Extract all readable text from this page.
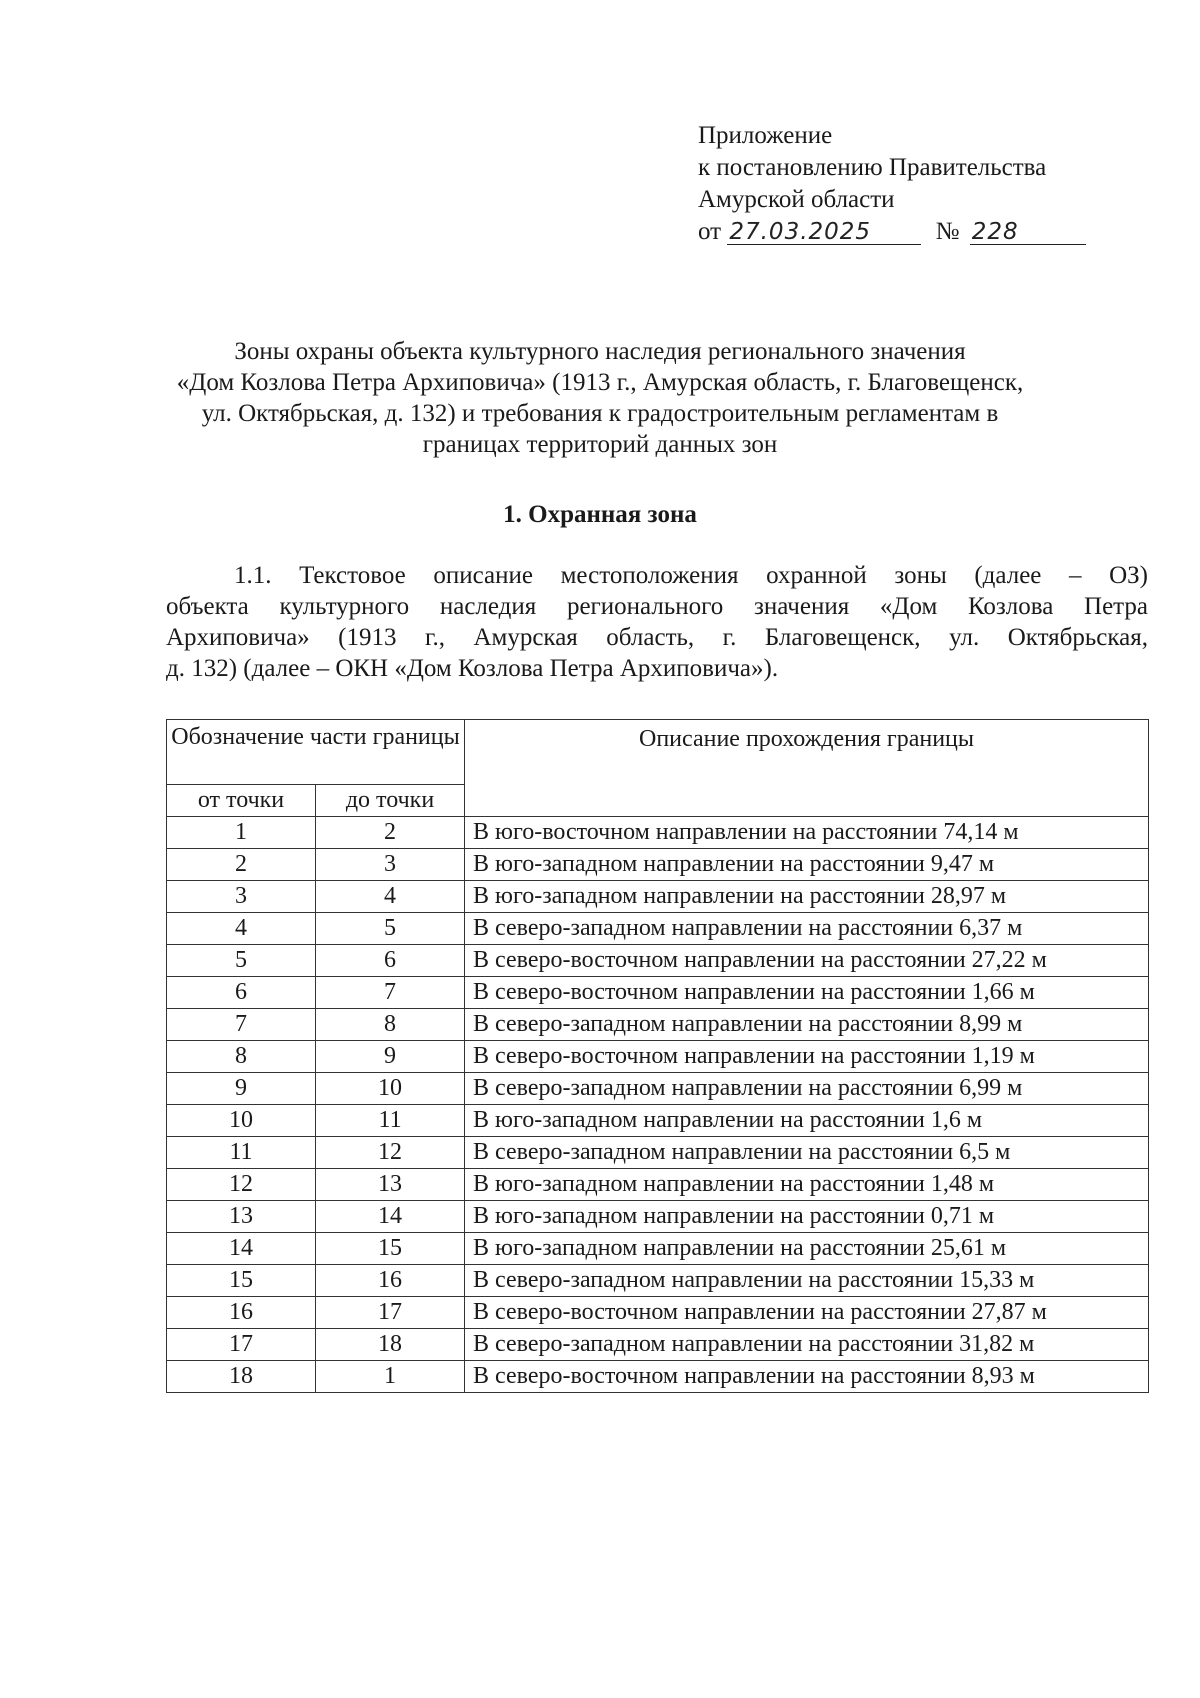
Приложение
к постановлению Правительства
Амурской области
от 27.03.2025	№ 228
Зоны охраны объекта культурного наследия регионального значения
«Дом Козлова Петра Архиповича» (1913 г., Амурская область, г. Благовещенск,
ул. Октябрьская, д. 132) и требования к градостроительным регламентам в
границах территорий данных зон
1. Охранная зона
1.1. Текстовое описание местоположения охранной зоны (далее – ОЗ)
объекта культурного наследия регионального значения «Дом Козлова Петра
Архиповича» (1913 г., Амурская область, г. Благовещенск, ул. Октябрьская,
д. 132) (далее – ОКН «Дом Козлова Петра Архиповича»).
Обозначение части границы		Описание прохождения границы
от точки	до точки	
1	2	В юго-восточном направлении на расстоянии 74,14 м
2	3	В юго-западном направлении на расстоянии 9,47 м
3	4	В юго-западном направлении на расстоянии 28,97 м
4	5	В северо-западном направлении на расстоянии 6,37 м
5	6	В северо-восточном направлении на расстоянии 27,22 м
6	7	В северо-восточном направлении на расстоянии 1,66 м
7	8	В северо-западном направлении на расстоянии 8,99 м
8	9	В северо-восточном направлении на расстоянии 1,19 м
9	10	В северо-западном направлении на расстоянии 6,99 м
10	11	В юго-западном направлении на расстоянии 1,6 м
11	12	В северо-западном направлении на расстоянии 6,5 м
12	13	В юго-западном направлении на расстоянии 1,48 м
13	14	В юго-западном направлении на расстоянии 0,71 м
14	15	В юго-западном направлении на расстоянии 25,61 м
15	16	В северо-западном направлении на расстоянии 15,33 м
16	17	В северо-восточном направлении на расстоянии 27,87 м
17	18	В северо-западном направлении на расстоянии 31,82 м
18	1	В северо-восточном направлении на расстоянии 8,93 м
